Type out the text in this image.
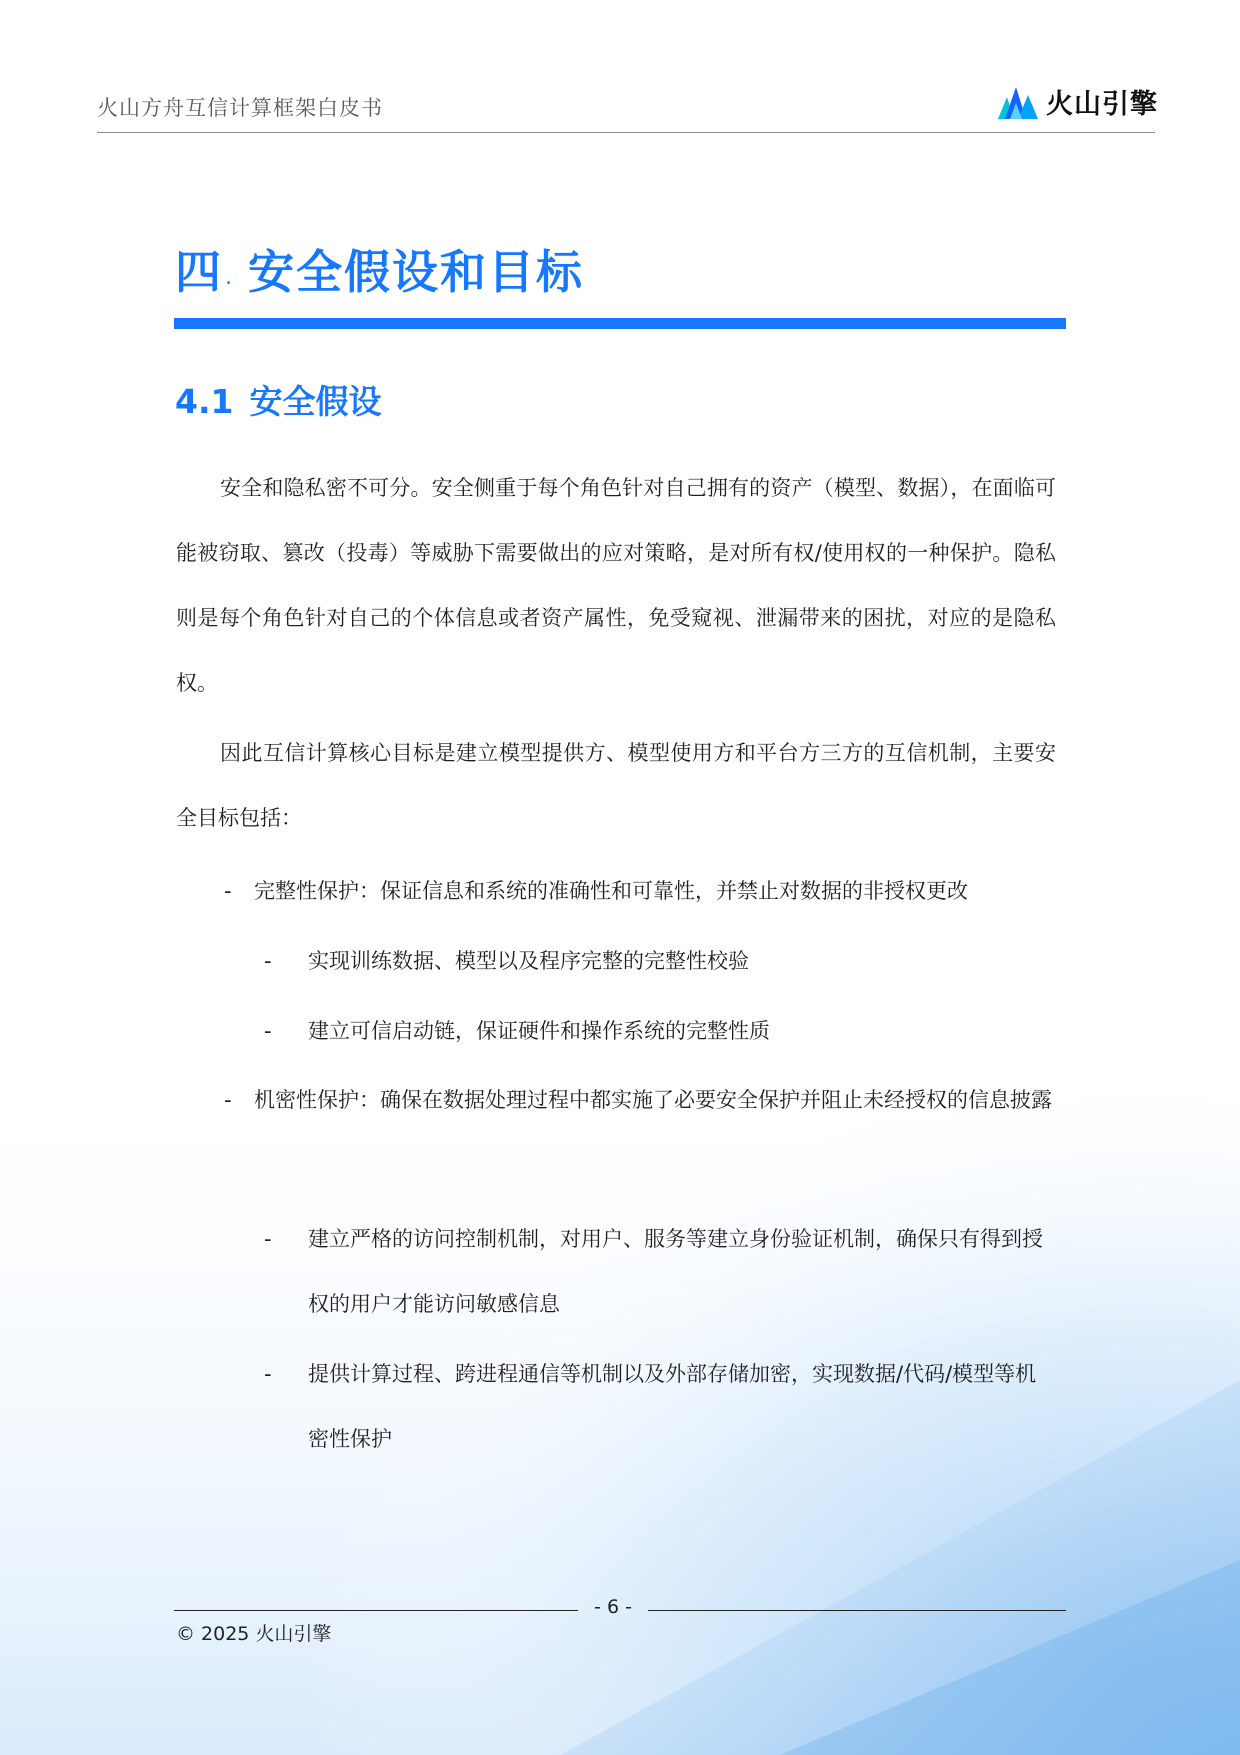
火山方舟互信计算框架白皮书	火山引擎
四. 安全假设和目标
4.1 安全假设

安全和隐私密不可分。安全侧重于每个角色针对自己拥有的资产（模型、数据），在面临可能被窃取、篡改（投毒）等威胁下需要做出的应对策略，是对所有权/使用权的一种保护。隐私则是每个角色针对自己的个体信息或者资产属性，免受窥视、泄漏带来的困扰，对应的是隐私权。

因此互信计算核心目标是建立模型提供方、模型使用方和平台方三方的互信机制，主要安全目标包括：

- 完整性保护：保证信息和系统的准确性和可靠性，并禁止对数据的非授权更改
- 实现训练数据、模型以及程序完整的完整性校验
- 建立可信启动链，保证硬件和操作系统的完整性质
- 机密性保护：确保在数据处理过程中都实施了必要安全保护并阻止未经授权的信息披露
- 建立严格的访问控制机制，对用户、服务等建立身份验证机制，确保只有得到授权的用户才能访问敏感信息
- 提供计算过程、跨进程通信等机制以及外部存储加密，实现数据/代码/模型等机密性保护
- 6 -
© 2025 火山引擎
